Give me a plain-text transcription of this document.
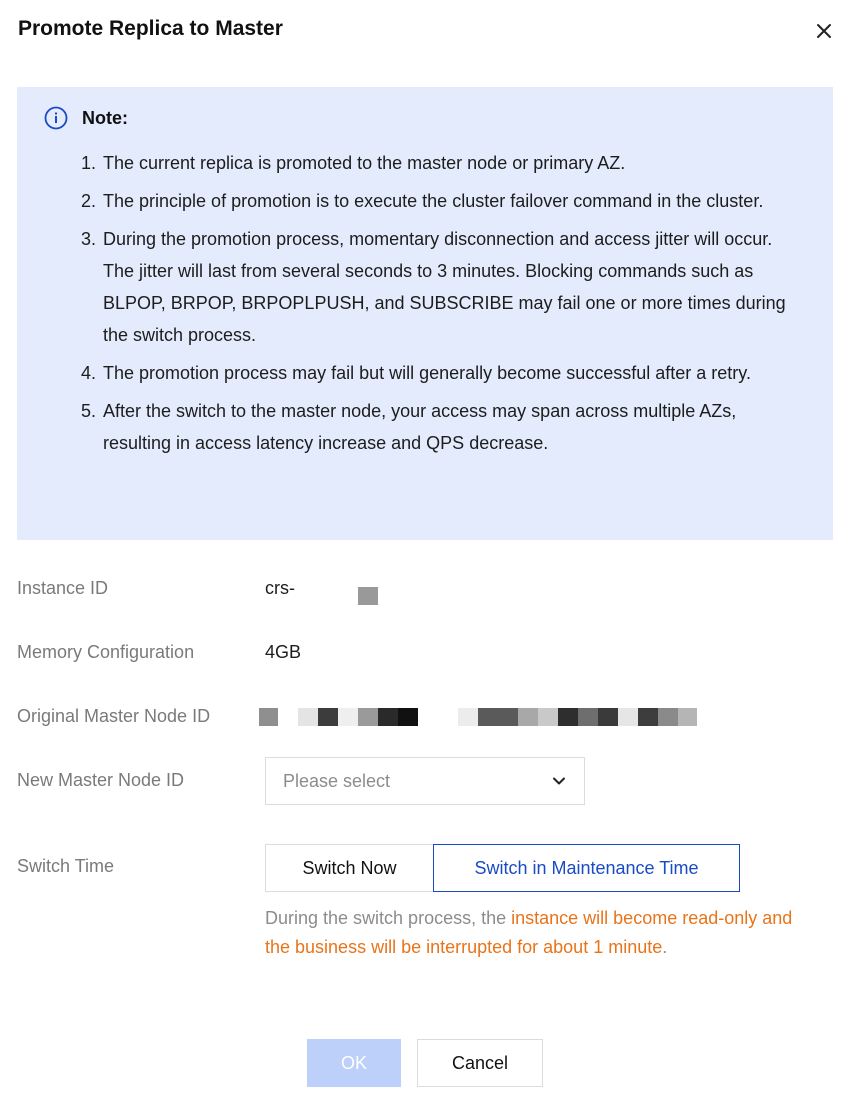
Promote Replica to Master
Note:
1. The current replica is promoted to the master node or primary AZ.
2. The principle of promotion is to execute the cluster failover command in the cluster.
3. During the promotion process, momentary disconnection and access jitter will occur. The jitter will last from several seconds to 3 minutes. Blocking commands such as BLPOP, BRPOP, BRPOPLPUSH, and SUBSCRIBE may fail one or more times during the switch process.
4. The promotion process may fail but will generally become successful after a retry.
5. After the switch to the master node, your access may span across multiple AZs, resulting in access latency increase and QPS decrease.
Instance ID	crs-
Memory Configuration	4GB
Original Master Node ID
New Master Node ID	Please select
Switch Time	Switch Now	Switch in Maintenance Time
During the switch process, the instance will become read-only and the business will be interrupted for about 1 minute.
OK	Cancel
